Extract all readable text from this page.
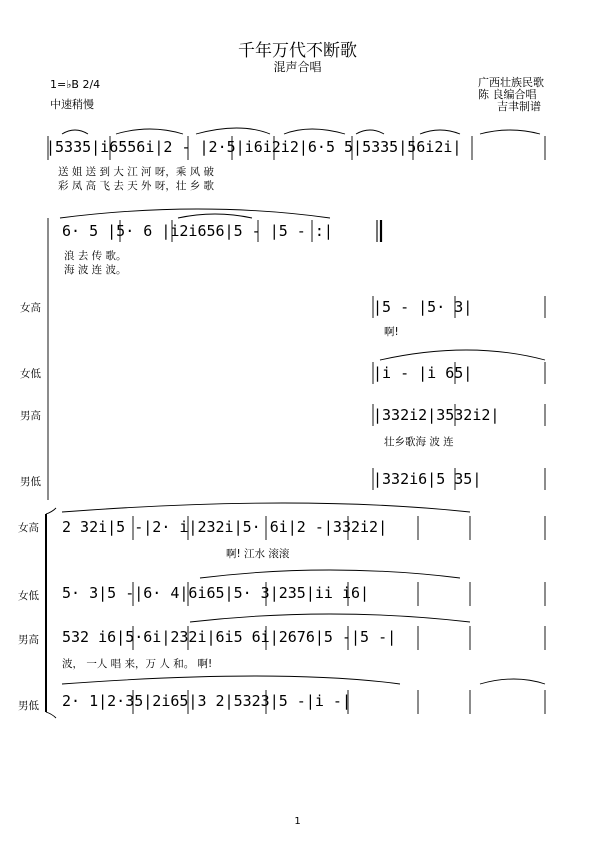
千年万代不断歌
混声合唱
1=♭B 2/4
中速稍慢
广西壮族民歌
陈 良编合唱
吉聿制谱
|5335|i6556i|2 - |2·5|i6i2i2|6·5 5|5335|56i2i|
送 姐 送 到 大 江 河 呀，乘 风 破
彩 凤 高 飞 去 天 外 呀，壮 乡 歌
6· 5 |5· 6 |i2i656|5 - |5 - :|
浪 去 传 歌。
海 波 连 波。
女高	|5 - |5· 3|
啊!
女低	|i - |i 65|
男高	|332i2|3532i2|
壮乡歌海 波 连
男低	|332i6|5 35|
女高 2 32i|5 -|2· i|232i|5· 6i|2 -|332i2|
啊! 江水 滚滚
女低 5· 3|5 -|6· 4|6i65|5· 3|235|ii i6|
男高 532 i6|5·6i|232i|6i5 6i|2676|5 -|5 -|
波， 一人 唱 来，万 人 和。 啊!
男低 2· 1|2·35|2i65|3 2|5323|5 -|i -|
1
